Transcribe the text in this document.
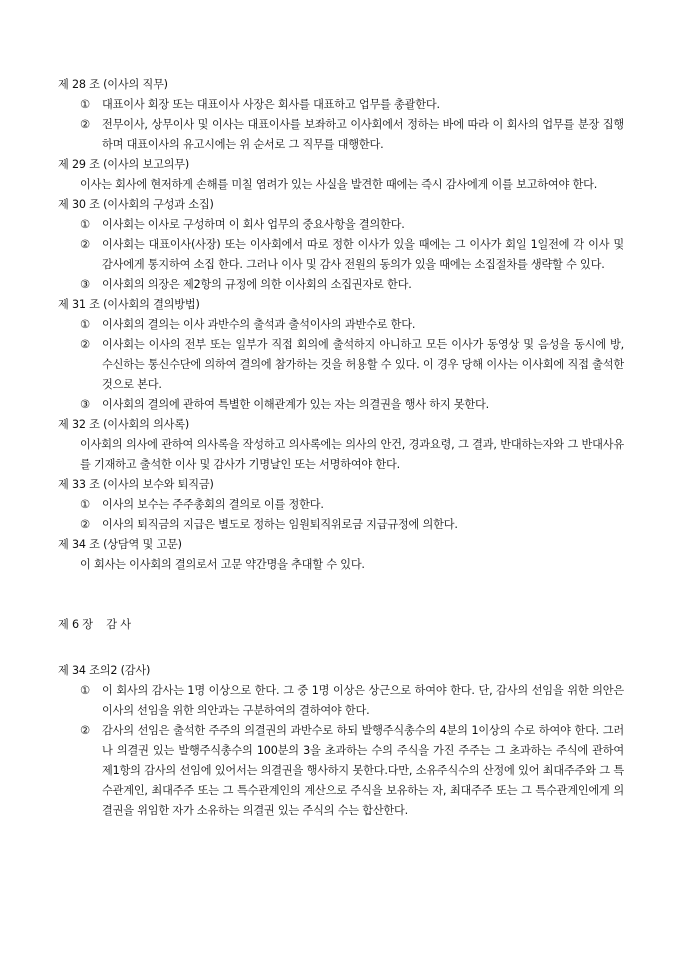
제 28 조 (이사의 직무)
①	대표이사 회장 또는 대표이사 사장은 회사를 대표하고 업무를 총괄한다.
②	전무이사, 상무이사 및 이사는 대표이사를 보좌하고 이사회에서 정하는 바에 따라 이 회사의 업무를 분장 집행하며 대표이사의 유고시에는 위 순서로 그 직무를 대행한다.
제 29 조 (이사의 보고의무)
이사는 회사에 현저하게 손해를 미칠 염려가 있는 사실을 발견한 때에는 즉시 감사에게 이를 보고하여야 한다.
제 30 조 (이사회의 구성과 소집)
①	이사회는 이사로 구성하며 이 회사 업무의 중요사항을 결의한다.
②	이사회는 대표이사(사장) 또는 이사회에서 따로 정한 이사가 있을 때에는 그 이사가 회일 1일전에 각 이사 및 감사에게 통지하여 소집 한다. 그러나 이사 및 감사 전원의 동의가 있을 때에는 소집절차를 생략할 수 있다.
③	이사회의 의장은 제2항의 규정에 의한 이사회의 소집권자로 한다.
제 31 조 (이사회의 결의방법)
①	이사회의 결의는 이사 과반수의 출석과 출석이사의 과반수로 한다.
②	이사회는 이사의 전부 또는 일부가 직접 회의에 출석하지 아니하고 모든 이사가 동영상 및 음성을 동시에 방, 수신하는 통신수단에 의하여 결의에 참가하는 것을 허용할 수 있다. 이 경우 당해 이사는 이사회에 직접 출석한 것으로 본다.
③	이사회의 결의에 관하여 특별한 이해관계가 있는 자는 의결권을 행사 하지 못한다.
제 32 조 (이사회의 의사록)
이사회의 의사에 관하여 의사록을 작성하고 의사록에는 의사의 안건, 경과요령, 그 결과, 반대하는자와 그 반대사유를 기재하고 출석한 이사 및 감사가 기명날인 또는 서명하여야 한다.
제 33 조 (이사의 보수와 퇴직금)
①	이사의 보수는 주주총회의 결의로 이를 정한다.
②	이사의 퇴직금의 지급은 별도로 정하는 임원퇴직위로금 지급규정에 의한다.
제 34 조 (상담역 및 고문)
이 회사는 이사회의 결의로서 고문 약간명을 추대할 수 있다.
제 6 장    감 사
제 34 조의2 (감사)
①	이 회사의 감사는 1명 이상으로 한다. 그 중 1명 이상은 상근으로 하여야 한다. 단, 감사의 선임을 위한 의안은 이사의 선임을 위한 의안과는 구분하여의 결하여야 한다.
②	감사의 선임은 출석한 주주의 의결권의 과반수로 하되 발행주식총수의 4분의 1이상의 수로 하여야 한다. 그러나 의결권 있는 발행주식총수의 100분의 3을 초과하는 수의 주식을 가진 주주는 그 초과하는 주식에 관하여 제1항의 감사의 선임에 있어서는 의결권을 행사하지 못한다.다만, 소유주식수의 산정에 있어 최대주주와 그 특수관계인, 최대주주 또는 그 특수관계인의 계산으로 주식을 보유하는 자, 최대주주 또는 그 특수관계인에게 의결권을 위임한 자가 소유하는 의결권 있는 주식의 수는 합산한다.
